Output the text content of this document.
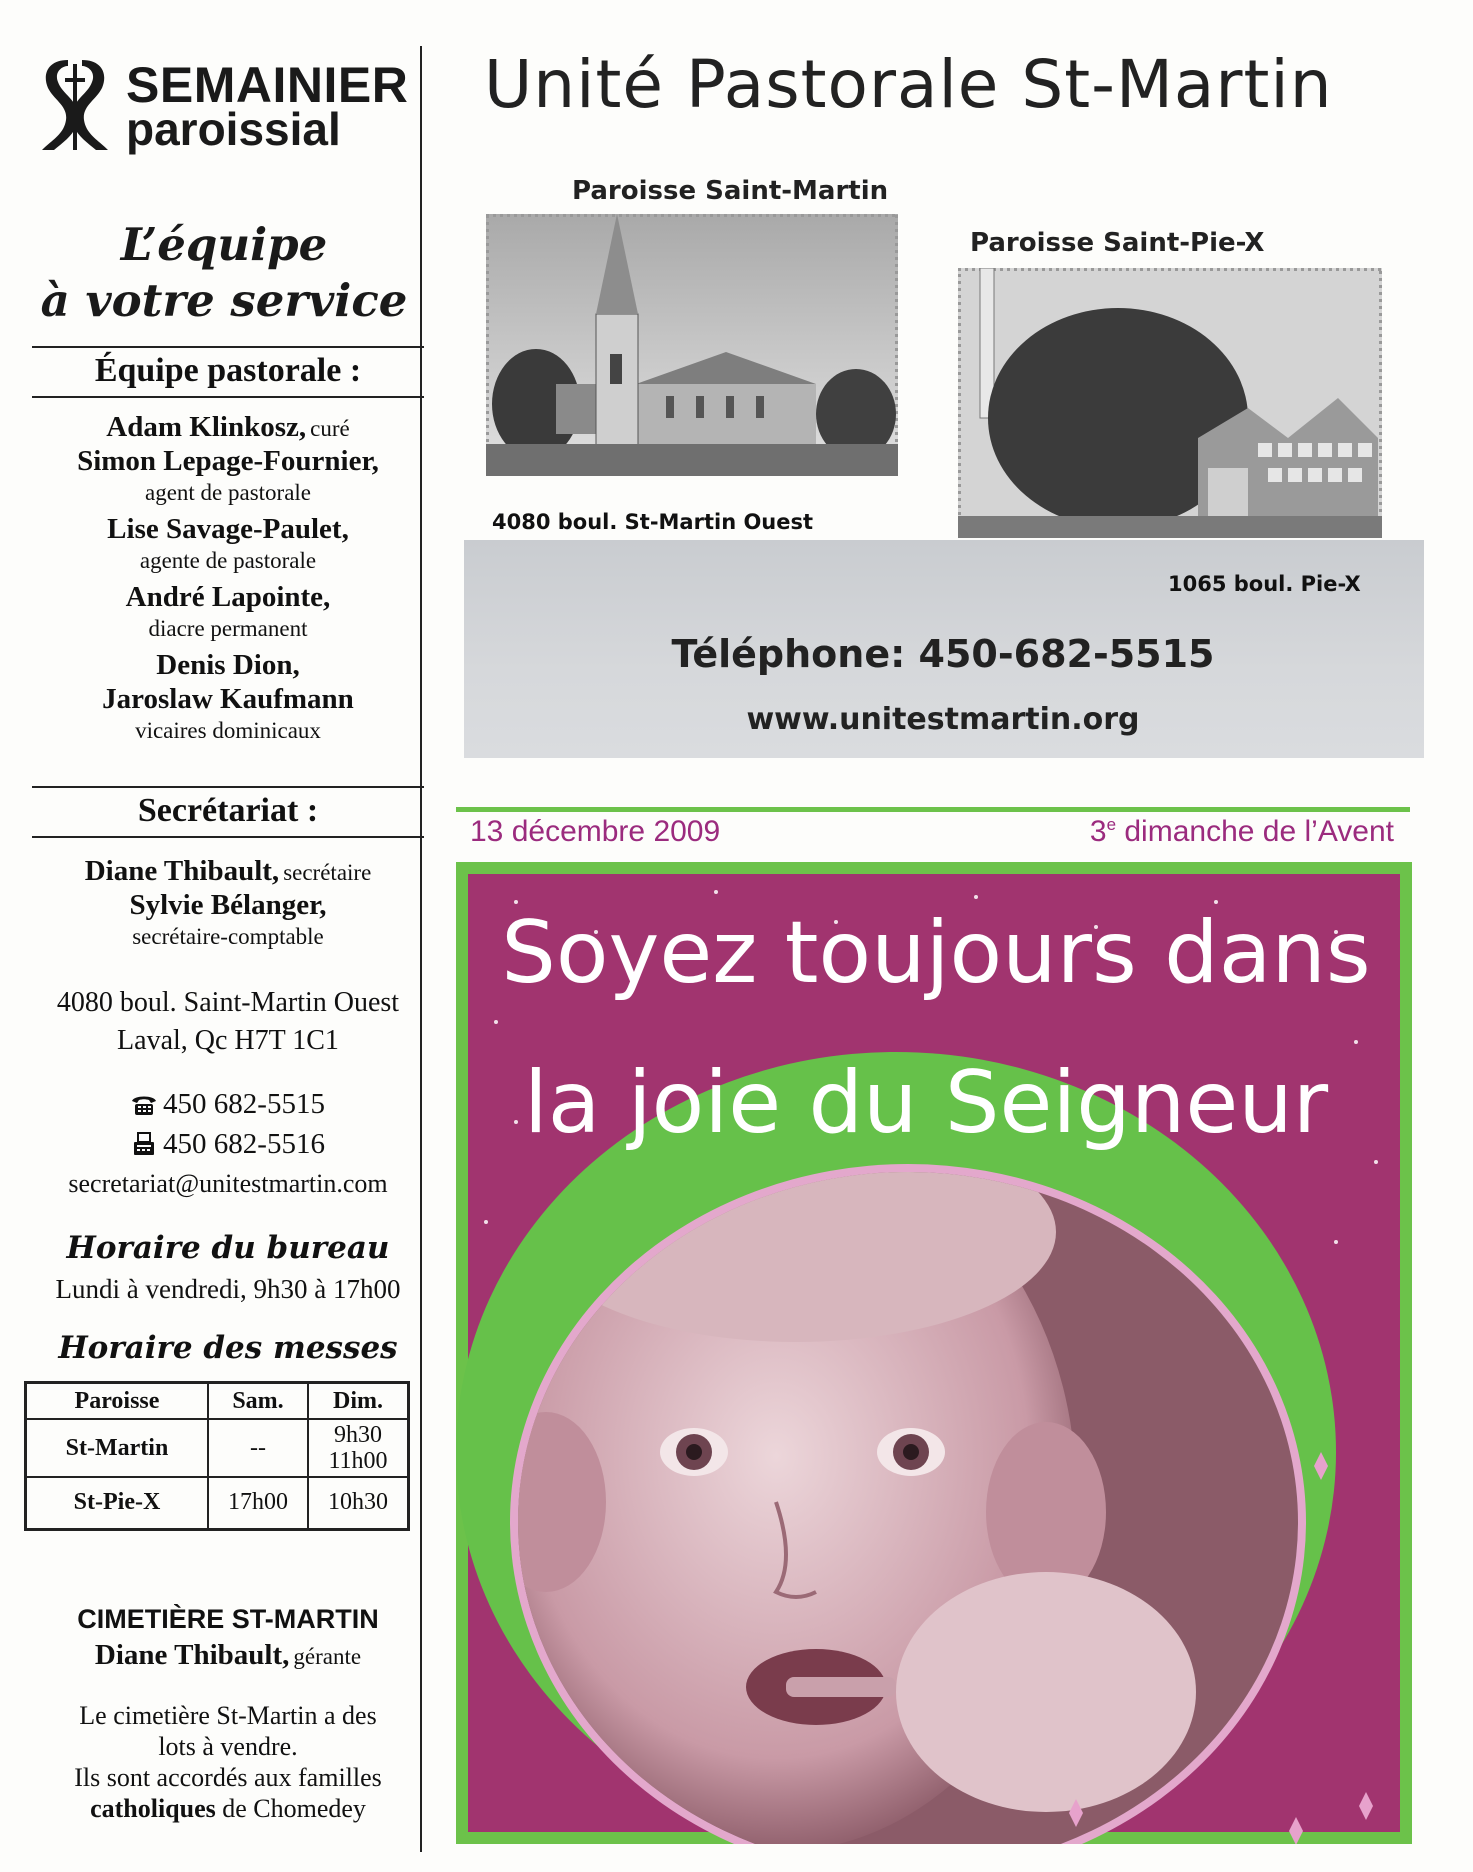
SEMAINIER
paroissial
L’équipe
à votre service
Équipe pastorale :
Adam Klinkosz, curé
Simon Lepage-Fournier,
agent de pastorale
Lise Savage-Paulet,
agente de pastorale
André Lapointe,
diacre permanent
Denis Dion,
Jaroslaw Kaufmann
vicaires dominicaux
Secrétariat :
Diane Thibault, secrétaire
Sylvie Bélanger,
secrétaire-comptable
4080 boul. Saint-Martin Ouest
Laval, Qc H7T 1C1
450 682-5515
450 682-5516
secretariat@unitestmartin.com
Horaire du bureau
Lundi à vendredi, 9h30 à 17h00
Horaire des messes
Paroisse	Sam.	Dim.
St-Martin	--	9h30
11h00

St-Pie-X	17h00	10h30
CIMETIÈRE ST-MARTIN
Diane Thibault, gérante
Le cimetière St-Martin a des
lots à vendre.
Ils sont accordés aux familles
catholiques de Chomedey
Unité Pastorale St-Martin
Paroisse Saint-Martin
Paroisse Saint-Pie-X
4080 boul. St-Martin Ouest
1065 boul. Pie-X
Téléphone: 450-682-5515
www.unitestmartin.org
13 décembre 2009	3e dimanche de l’Avent
Soyez toujours dans
la joie du Seigneur
